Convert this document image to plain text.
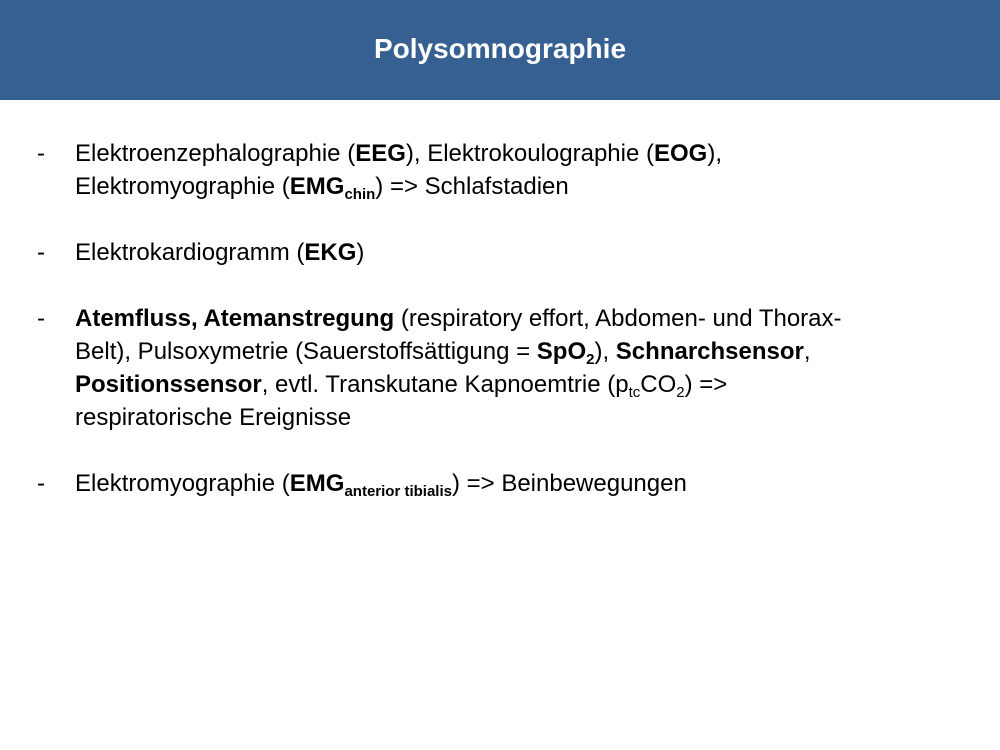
Polysomnographie
- Elektroenzephalographie (EEG), Elektrokoulographie (EOG),
Elektromyographie $(EMG_{chin})$ => Schlafstadien
- Elektrokardiogramm (EKG)
- Atemfluss, Atemanstregung (respiratory effort, Abdomen- und Thorax-
Belt), Pulsoxymetrie (Sauerstoffsättigung = SpO$_2$), Schnarchsensor,
Positionssensor, evtl. Transkutane Kapnoemtrie $(p_{tc}CO_2)$ =>
respiratorische Ereignisse
- Elektromyographie $(EMG_{anterior tibialis})$ => Beinbewegungen
